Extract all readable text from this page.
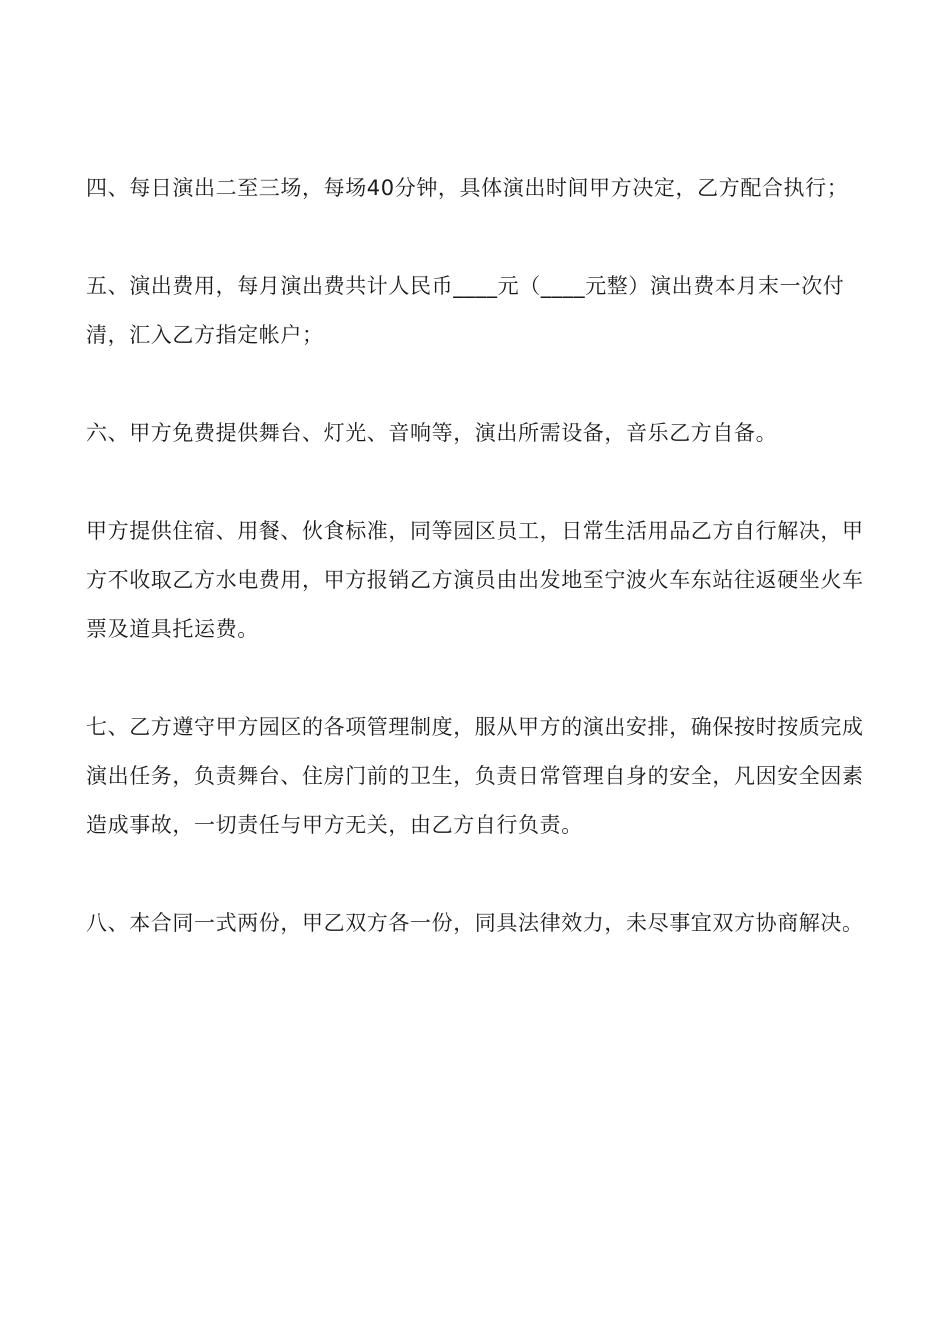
四、每日演出二至三场，每场40分钟，具体演出时间甲方决定，乙方配合执行；

五、演出费用，每月演出费共计人民币____元（____元整）演出费本月末一次付清，汇入乙方指定帐户；

六、甲方免费提供舞台、灯光、音响等，演出所需设备，音乐乙方自备。

甲方提供住宿、用餐、伙食标准，同等园区员工，日常生活用品乙方自行解决，甲方不收取乙方水电费用，甲方报销乙方演员由出发地至宁波火车东站往返硬坐火车票及道具托运费。

七、乙方遵守甲方园区的各项管理制度，服从甲方的演出安排，确保按时按质完成演出任务，负责舞台、住房门前的卫生，负责日常管理自身的安全，凡因安全因素造成事故，一切责任与甲方无关，由乙方自行负责。

八、本合同一式两份，甲乙双方各一份，同具法律效力，未尽事宜双方协商解决。
